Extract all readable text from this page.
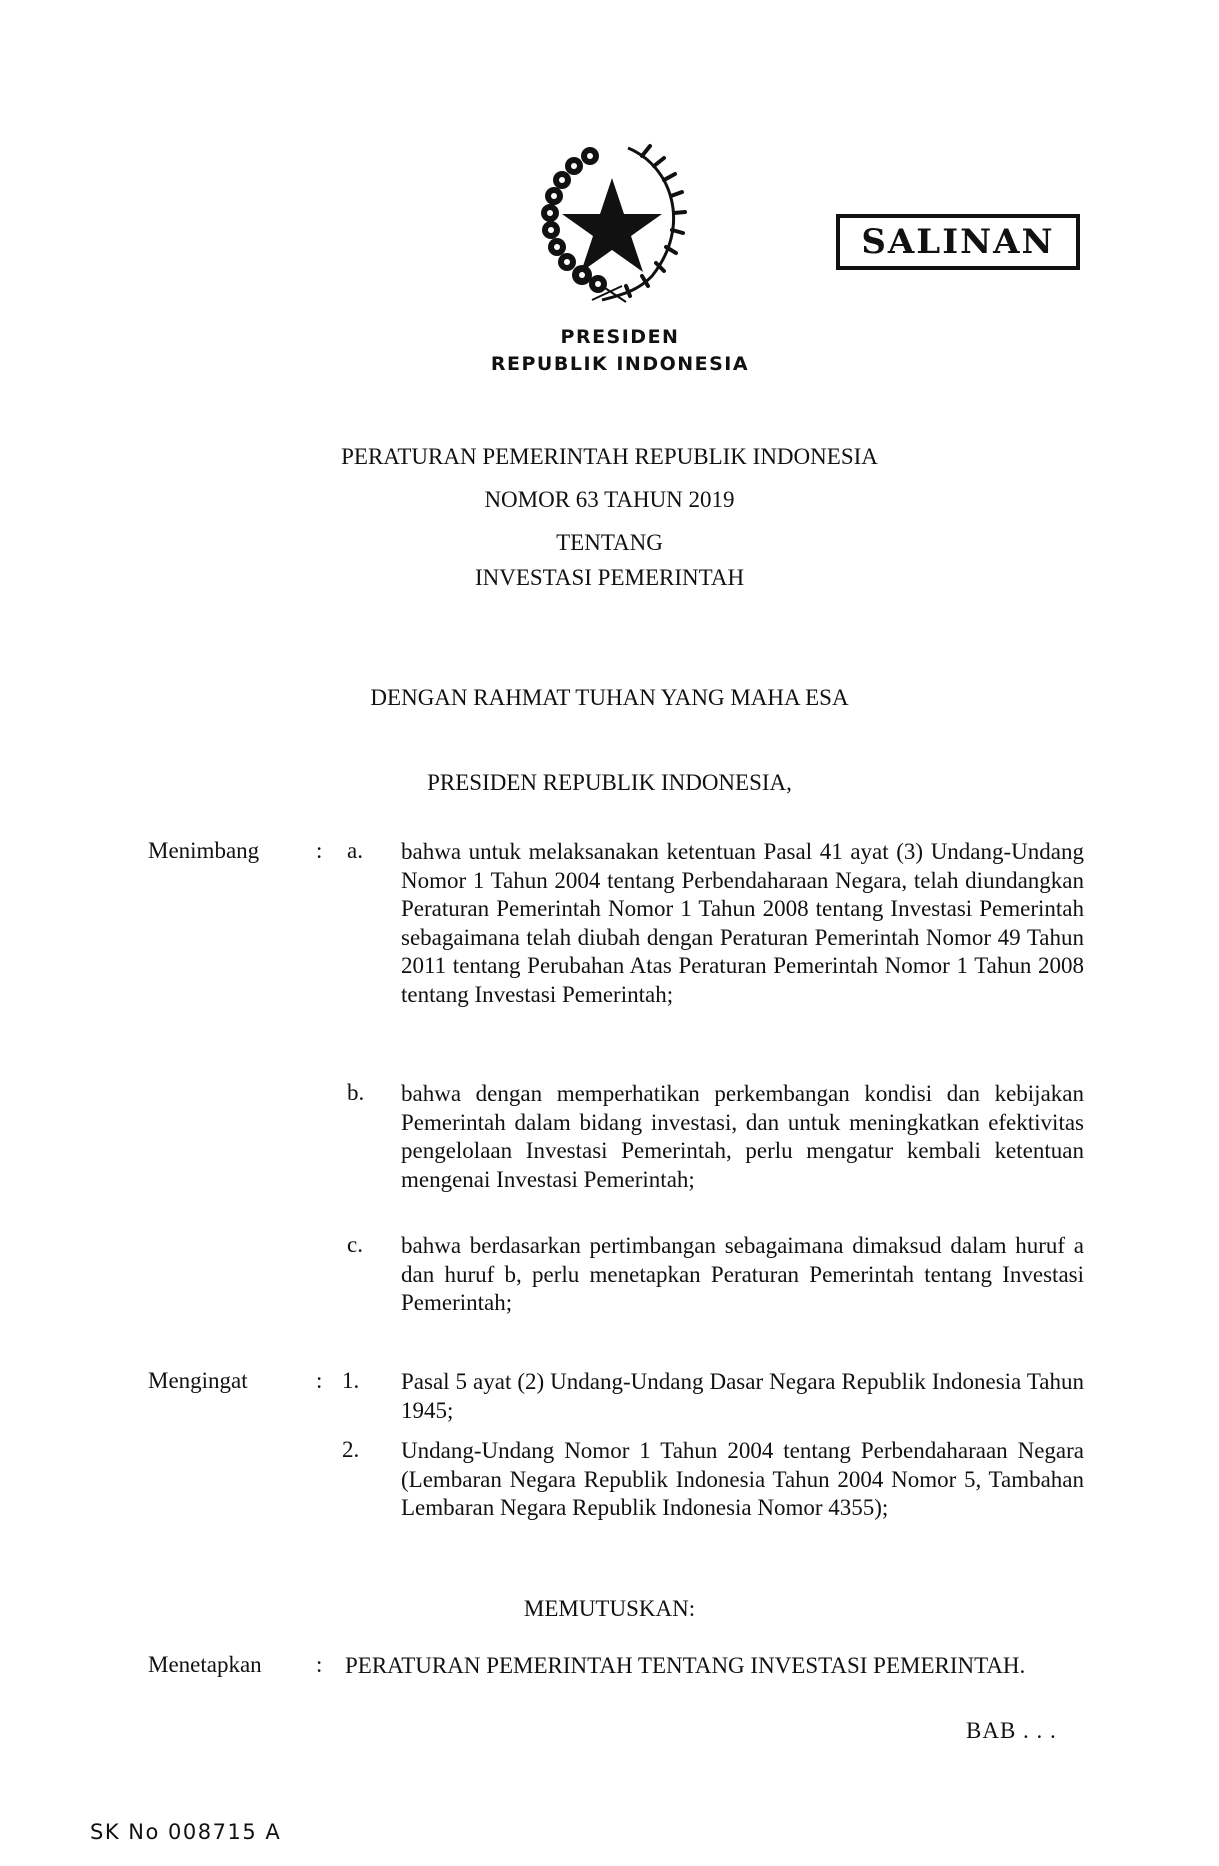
PRESIDEN
REPUBLIK INDONESIA
SALINAN
PERATURAN PEMERINTAH REPUBLIK INDONESIA
NOMOR 63 TAHUN 2019
TENTANG
INVESTASI PEMERINTAH
DENGAN RAHMAT TUHAN YANG MAHA ESA
PRESIDEN REPUBLIK INDONESIA,
Menimbang : a. bahwa untuk melaksanakan ketentuan Pasal 41 ayat (3) Undang-Undang Nomor 1 Tahun 2004 tentang Perbendaharaan Negara, telah diundangkan Peraturan Pemerintah Nomor 1 Tahun 2008 tentang Investasi Pemerintah sebagaimana telah diubah dengan Peraturan Pemerintah Nomor 49 Tahun 2011 tentang Perubahan Atas Peraturan Pemerintah Nomor 1 Tahun 2008 tentang Investasi Pemerintah;

b. bahwa dengan memperhatikan perkembangan kondisi dan kebijakan Pemerintah dalam bidang investasi, dan untuk meningkatkan efektivitas pengelolaan Investasi Pemerintah, perlu mengatur kembali ketentuan mengenai Investasi Pemerintah;

c. bahwa berdasarkan pertimbangan sebagaimana dimaksud dalam huruf a dan huruf b, perlu menetapkan Peraturan Pemerintah tentang Investasi Pemerintah;

Mengingat	: 1. Pasal 5 ayat (2) Undang-Undang Dasar Negara Republik Indonesia Tahun 1945;

2. Undang-Undang Nomor 1 Tahun 2004 tentang Perbendaharaan Negara (Lembaran Negara Republik Indonesia Tahun 2004 Nomor 5, Tambahan Lembaran Negara Republik Indonesia Nomor 4355);

MEMUTUSKAN:
Menetapkan : PERATURAN PEMERINTAH TENTANG INVESTASI PEMERINTAH.

BAB . . .
SK No 008715 A
